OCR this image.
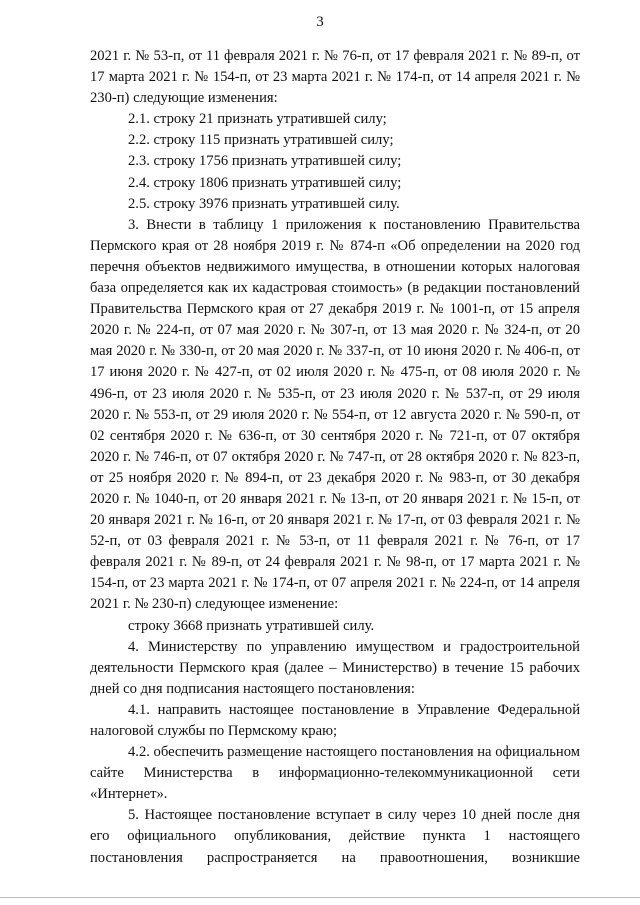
3

2021 г. № 53-п, от 11 февраля 2021 г. № 76-п, от 17 февраля 2021 г. № 89-п, от 17 марта 2021 г. № 154-п, от 23 марта 2021 г. № 174-п, от 14 апреля 2021 г. № 230-п) следующие изменения:

2.1. строку 21 признать утратившей силу;

2.2. строку 115 признать утратившей силу;

2.3. строку 1756 признать утратившей силу;

2.4. строку 1806 признать утратившей силу;

2.5. строку 3976 признать утратившей силу.

3. Внести в таблицу 1 приложения к постановлению Правительства Пермского края от 28 ноября 2019 г. № 874-п «Об определении на 2020 год перечня объектов недвижимого имущества, в отношении которых налоговая база определяется как их кадастровая стоимость» (в редакции постановлений Правительства Пермского края от 27 декабря 2019 г. № 1001-п, от 15 апреля 2020 г. № 224-п, от 07 мая 2020 г. № 307-п, от 13 мая 2020 г. № 324-п, от 20 мая 2020 г. № 330-п, от 20 мая 2020 г. № 337-п, от 10 июня 2020 г. № 406-п, от 17 июня 2020 г. № 427-п, от 02 июля 2020 г. № 475-п, от 08 июля 2020 г. № 496-п, от 23 июля 2020 г. № 535-п, от 23 июля 2020 г. № 537-п, от 29 июля 2020 г. № 553-п, от 29 июля 2020 г. № 554-п, от 12 августа 2020 г. № 590-п, от 02 сентября 2020 г. № 636-п, от 30 сентября 2020 г. № 721-п, от 07 октября 2020 г. № 746-п, от 07 октября 2020 г. № 747-п, от 28 октября 2020 г. № 823-п, от 25 ноября 2020 г. № 894-п, от 23 декабря 2020 г. № 983-п, от 30 декабря 2020 г. № 1040-п, от 20 января 2021 г. № 13-п, от 20 января 2021 г. № 15-п, от 20 января 2021 г. № 16-п, от 20 января 2021 г. № 17-п, от 03 февраля 2021 г. № 52-п, от 03 февраля 2021 г. № 53-п, от 11 февраля 2021 г. № 76-п, от 17 февраля 2021 г. № 89-п, от 24 февраля 2021 г. № 98-п, от 17 марта 2021 г. № 154-п, от 23 марта 2021 г. № 174-п, от 07 апреля 2021 г. № 224-п, от 14 апреля 2021 г. № 230-п) следующее изменение:

строку 3668 признать утратившей силу.

4. Министерству по управлению имуществом и градостроительной деятельности Пермского края (далее – Министерство) в течение 15 рабочих дней со дня подписания настоящего постановления:

4.1. направить настоящее постановление в Управление Федеральной налоговой службы по Пермскому краю;

4.2. обеспечить размещение настоящего постановления на официальном сайте Министерства в информационно-телекоммуникационной сети «Интернет».

5. Настоящее постановление вступает в силу через 10 дней после дня его официального опубликования, действие пункта 1 настоящего постановления распространяется на правоотношения, возникшие
